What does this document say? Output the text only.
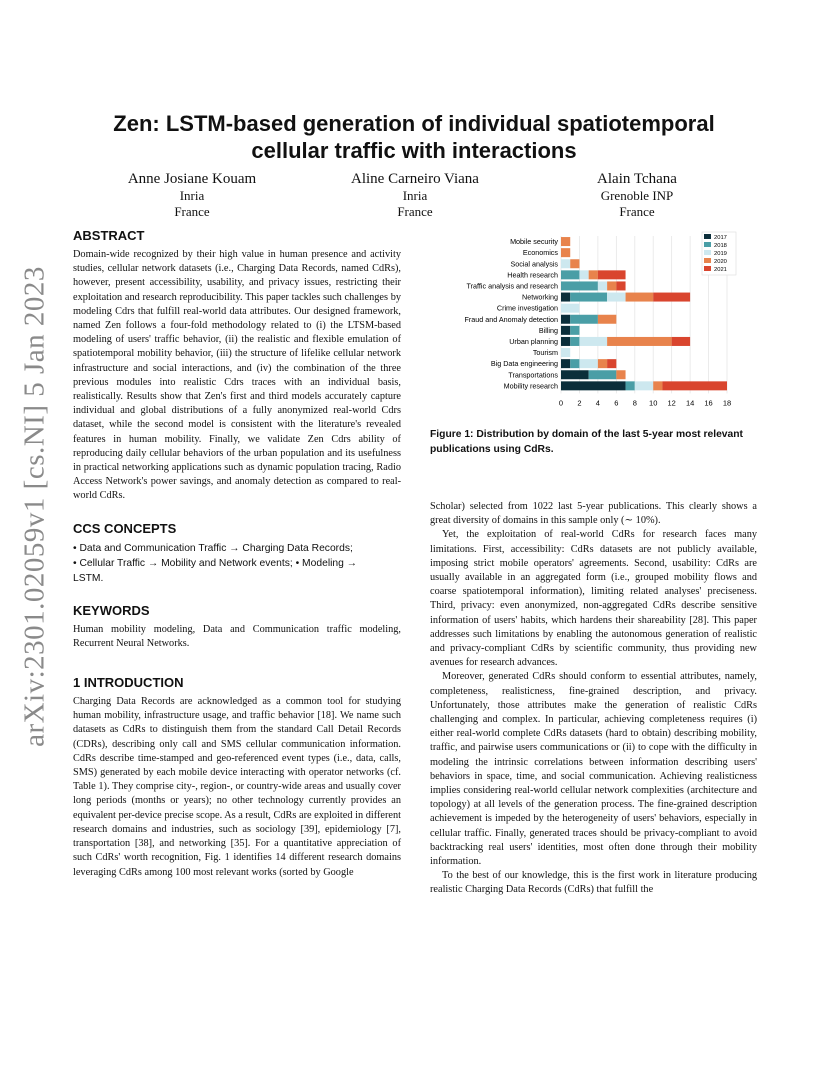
arXiv:2301.02059v1 [cs.NI] 5 Jan 2023
Zen: LSTM-based generation of individual spatiotemporal
cellular traffic with interactions
Anne Josiane Kouam
Inria
France
Aline Carneiro Viana
Inria
France
Alain Tchana
Grenoble INP
France
ABSTRACT
Domain-wide recognized by their high value in human presence and activity studies, cellular network datasets (i.e., Charging Data Records, named CdRs), however, present accessibility, usability, and privacy issues, restricting their exploitation and research reproducibility. This paper tackles such challenges by modeling Cdrs that fulfill real-world data attributes. Our designed framework, named Zen follows a four-fold methodology related to (i) the LTSM-based modeling of users' traffic behavior, (ii) the realistic and flexible emulation of spatiotemporal mobility behavior, (iii) the structure of lifelike cellular network infrastructure and social interactions, and (iv) the combination of the three previous modules into realistic Cdrs traces with an individual basis, realistically. Results show that Zen's first and third models accurately capture individual and global distributions of a fully anonymized real-world Cdrs dataset, while the second model is consistent with the literature's revealed features in human mobility. Finally, we validate Zen Cdrs ability of reproducing daily cellular behaviors of the urban population and its usefulness in practical networking applications such as dynamic population tracing, Radio Access Network's power savings, and anomaly detection as compared to real-world CdRs.
CCS CONCEPTS
• Data and Communication Traffic → Charging Data Records;
• Cellular Traffic → Mobility and Network events; • Modeling →
LSTM.
KEYWORDS
Human mobility modeling, Data and Communication traffic modeling, Recurrent Neural Networks.
1 INTRODUCTION
Charging Data Records are acknowledged as a common tool for studying human mobility, infrastructure usage, and traffic behavior [18]. We name such datasets as CdRs to distinguish them from the standard Call Detail Records (CDRs), describing only call and SMS cellular communication information. CdRs describe time-stamped and geo-referenced event types (i.e., data, calls, SMS) generated by each mobile device interacting with operator networks (cf. Table 1). They comprise city-, region-, or country-wide areas and usually cover long periods (months or years); no other technology currently provides an equivalent per-device precise scope. As a result, CdRs are exploited in different research domains and industries, such as sociology [39], epidemiology [7], transportation [38], and networking [35]. For a quantitative appreciation of such CdRs' worth recognition, Fig. 1 identifies 14 different research domains leveraging CdRs among 100 most relevant works (sorted by Google
Mobile security
Economics
Social analysis
Health research
Traffic analysis and research
Networking
Crime investigation
Fraud and Anomaly detection
Billing
Urban planning
Tourism
Big Data engineering
Transportations
Mobility research
0 2 4 6 8 10 12 14 16 18
2017
2018
2019
2020
2021
Figure 1: Distribution by domain of the last 5-year most relevant publications using CdRs.
Scholar) selected from 1022 last 5-year publications. This clearly shows a great diversity of domains in this sample only (∼ 10%).
Yet, the exploitation of real-world CdRs for research faces many limitations. First, accessibility: CdRs datasets are not publicly available, imposing strict mobile operators' agreements. Second, usability: CdRs are usually available in an aggregated form (i.e., grouped mobility flows and coarse spatiotemporal information), limiting related analyses' preciseness. Third, privacy: even anonymized, non-aggregated CdRs describe sensitive information of users' habits, which hardens their shareability [28]. This paper addresses such limitations by enabling the autonomous generation of realistic and privacy-compliant CdRs by scientific community, thus providing new avenues for research advances.
Moreover, generated CdRs should conform to essential attributes, namely, completeness, realisticness, fine-grained description, and privacy. Unfortunately, those attributes make the generation of realistic CdRs challenging and complex. In particular, achieving completeness requires (i) either real-world complete CdRs datasets (hard to obtain) describing mobility, traffic, and pairwise users communications or (ii) to cope with the difficulty in modeling the intrinsic correlations between information describing users' behaviors in space, time, and social communication. Achieving realisticness implies considering real-world cellular network complexities (architecture and topology) at all levels of the generation process. The fine-grained description achievement is impeded by the heterogeneity of users' behaviors, especially in cellular traffic. Finally, generated traces should be privacy-compliant to avoid backtracking real users' identities, most often done through their mobility information.
To the best of our knowledge, this is the first work in literature producing realistic Charging Data Records (CdRs) that fulfill the
